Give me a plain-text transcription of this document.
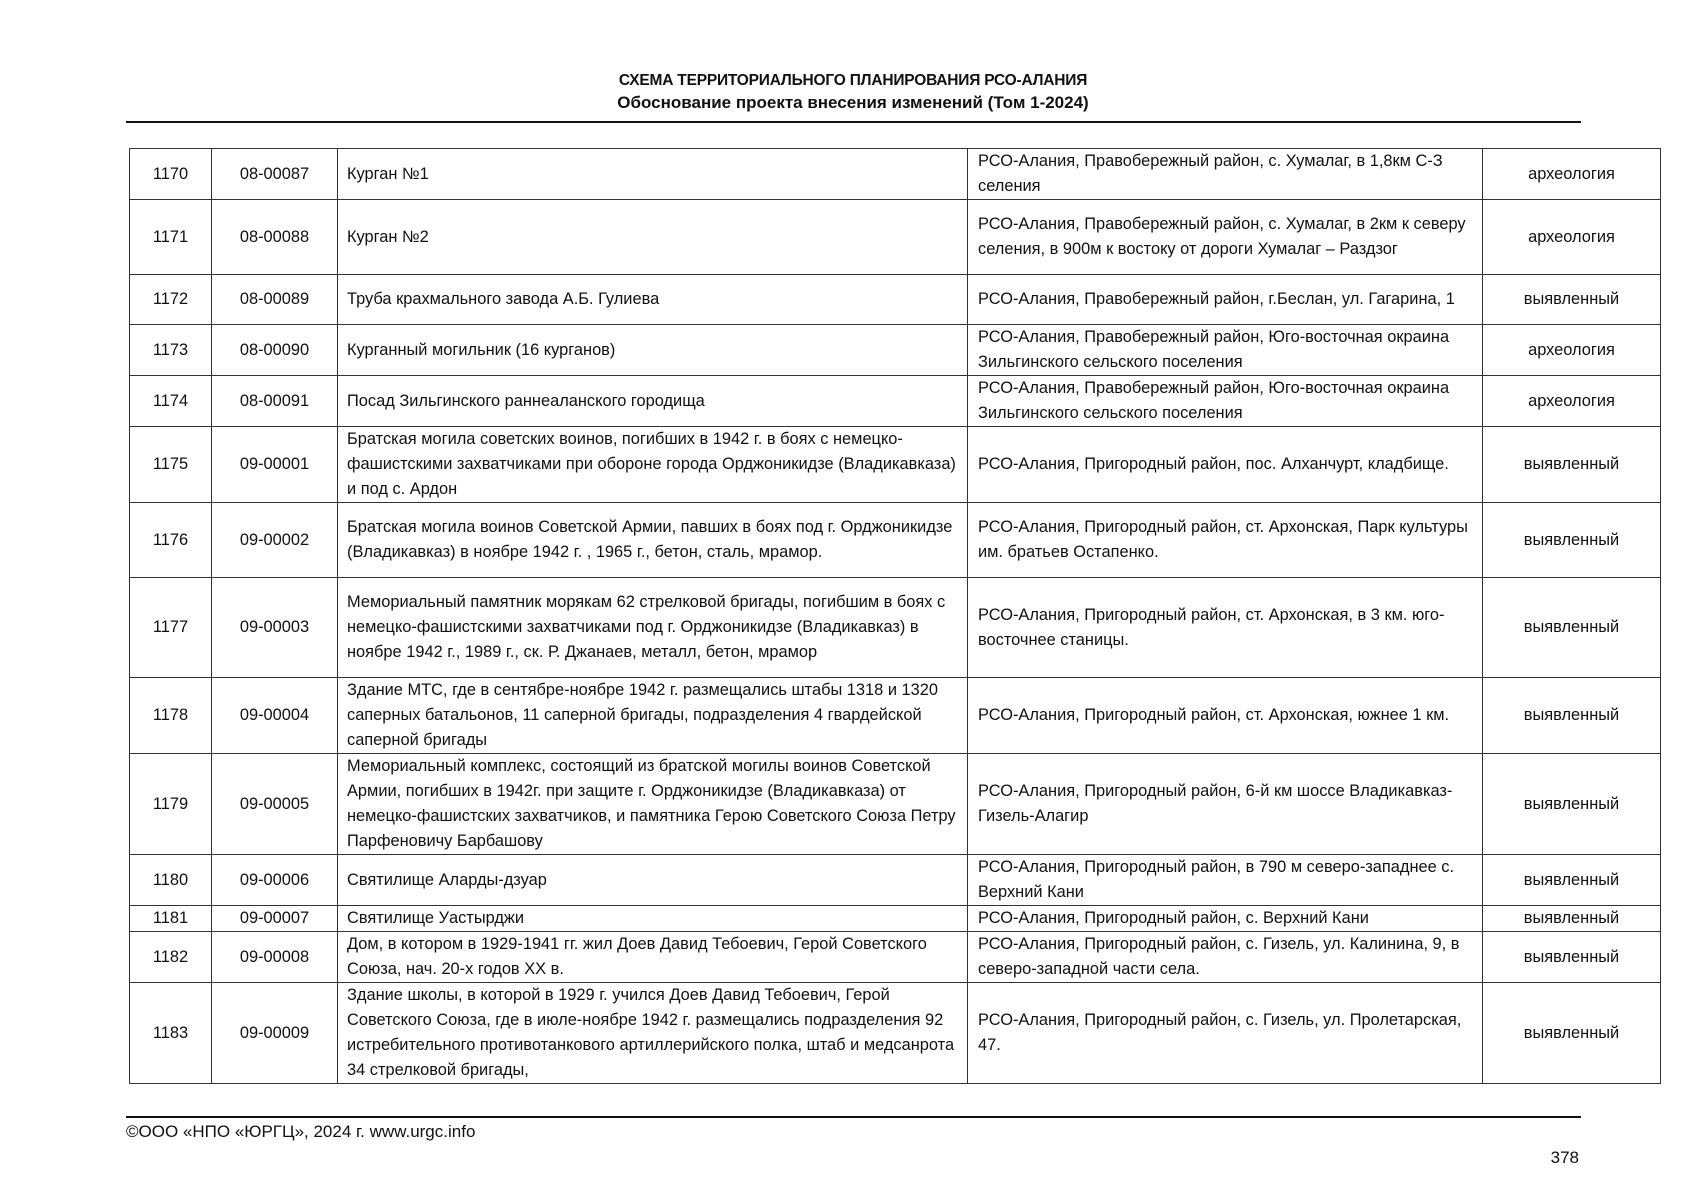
СХЕМА ТЕРРИТОРИАЛЬНОГО ПЛАНИРОВАНИЯ РСО-АЛАНИЯ
Обоснование проекта внесения изменений (Том 1-2024)
1170	08-00087	Курган №1	РСО-Алания, Правобережный район, с. Хумалаг, в 1,8км С-З селения	археология
1171	08-00088	Курган №2	РСО-Алания, Правобережный район, с. Хумалаг, в 2км к северу селения, в 900м к востоку от дороги Хумалаг – Раздзог	археология
1172	08-00089	Труба крахмального завода А.Б. Гулиева	РСО-Алания, Правобережный район, г.Беслан, ул. Гагарина, 1	выявленный
1173	08-00090	Курганный могильник (16 курганов)	РСО-Алания, Правобережный район, Юго-восточная окраина Зильгинского сельского поселения	археология
1174	08-00091	Посад Зильгинского раннеаланского городища	РСО-Алания, Правобережный район, Юго-восточная окраина Зильгинского сельского поселения	археология
1175	09-00001	Братская могила советских воинов, погибших в 1942 г. в боях с немецко-фашистскими захватчиками при обороне города Орджоникидзе (Владикавказа) и под с. Ардон	РСО-Алания, Пригородный район, пос. Алханчурт, кладбище.	выявленный
1176	09-00002	Братская могила воинов Советской Армии, павших в боях под г. Орджоникидзе (Владикавказ) в ноябре 1942 г. , 1965 г., бетон, сталь, мрамор.	РСО-Алания, Пригородный район, ст. Архонская, Парк культуры им. братьев Остапенко.	выявленный
1177	09-00003	Мемориальный памятник морякам 62 стрелковой бригады, погибшим в боях с немецко-фашистскими захватчиками под г. Орджоникидзе (Владикавказ) в ноябре 1942 г., 1989 г., ск. Р. Джанаев, металл, бетон, мрамор	РСО-Алания, Пригородный район, ст. Архонская, в 3 км. юго-восточнее станицы.	выявленный
1178	09-00004	Здание МТС, где в сентябре-ноябре 1942 г. размещались штабы 1318 и 1320 саперных батальонов, 11 саперной бригады, подразделения 4 гвардейской саперной бригады	РСО-Алания, Пригородный район, ст. Архонская, южнее 1 км.	выявленный
1179	09-00005	Мемориальный комплекс, состоящий из братской могилы воинов Советской Армии, погибших в 1942г. при защите г. Орджоникидзе (Владикавказа) от немецко-фашистских захватчиков, и памятника Герою Советского Союза Петру Парфеновичу Барбашову	РСО-Алания, Пригородный район, 6-й км шоссе Владикавказ-Гизель-Алагир	выявленный
1180	09-00006	Святилище Аларды-дзуар	РСО-Алания, Пригородный район, в 790 м северо-западнее с. Верхний Кани	выявленный
1181	09-00007	Святилище Уастырджи	РСО-Алания, Пригородный район, с. Верхний Кани	выявленный
1182	09-00008	Дом, в котором в 1929-1941 гг. жил Доев Давид Тебоевич, Герой Советского Союза, нач. 20-х годов XX в.	РСО-Алания, Пригородный район, с. Гизель, ул. Калинина, 9, в северо-западной части села.	выявленный
1183	09-00009	Здание школы, в которой в 1929 г. учился Доев Давид Тебоевич, Герой Советского Союза, где в июле-ноябре 1942 г. размещались подразделения 92 истребительного противотанкового артиллерийского полка, штаб и медсанрота 34 стрелковой бригады,	РСО-Алания, Пригородный район, с. Гизель, ул. Пролетарская, 47.	выявленный
©ООО «НПО «ЮРГЦ», 2024 г. www.urgc.info
378
